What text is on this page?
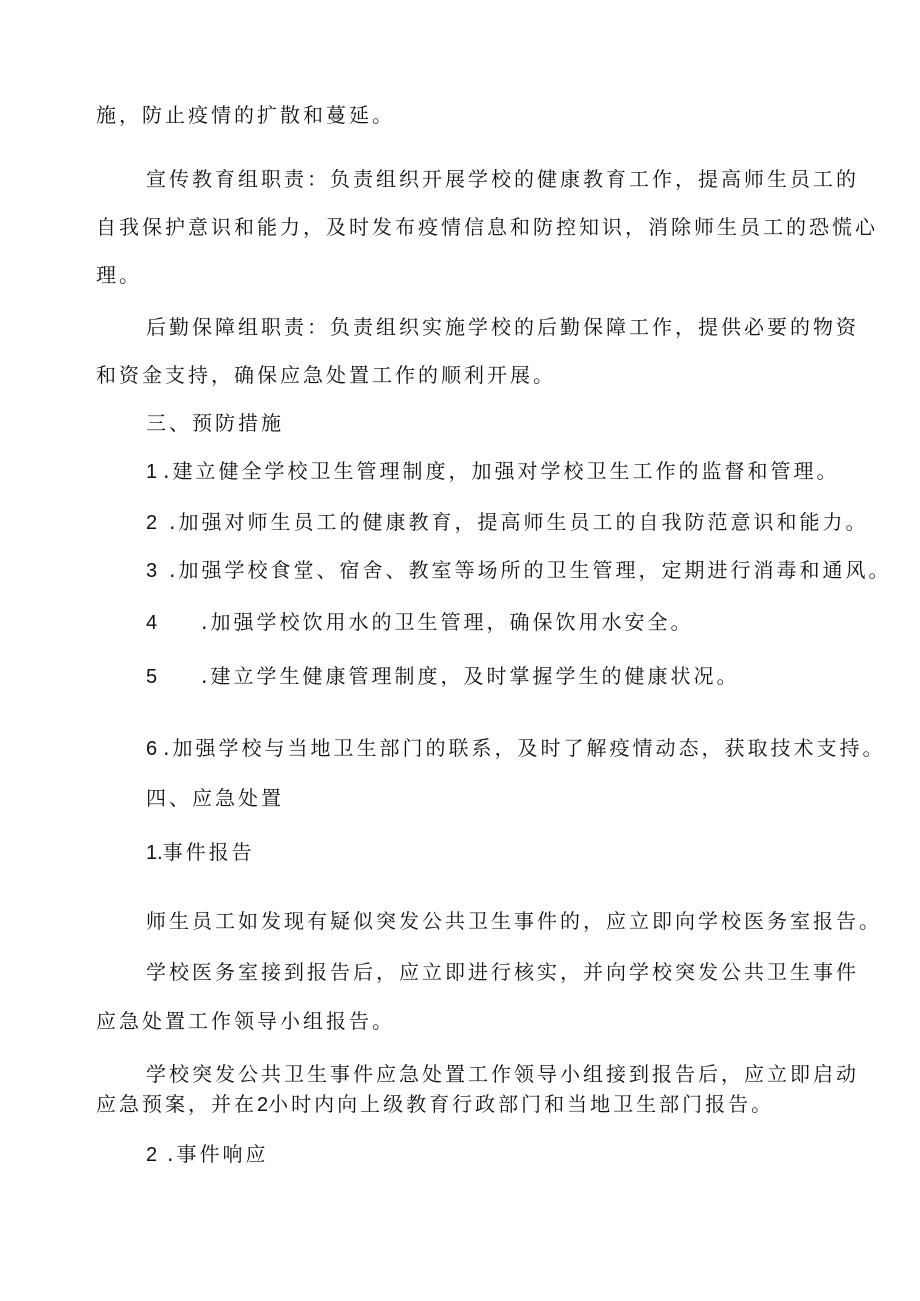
施，防止疫情的扩散和蔓延。
宣传教育组职责：负责组织开展学校的健康教育工作，提高师生员工的
自我保护意识和能力，及时发布疫情信息和防控知识，消除师生员工的恐慌心
理。
后勤保障组职责：负责组织实施学校的后勤保障工作，提供必要的物资
和资金支持，确保应急处置工作的顺利开展。
三、预防措施
1 .建立健全学校卫生管理制度，加强对学校卫生工作的监督和管理。
2 .加强对师生员工的健康教育，提高师生员工的自我防范意识和能力。
3 .加强学校食堂、宿舍、教室等场所的卫生管理，定期进行消毒和通风。
4 .加强学校饮用水的卫生管理，确保饮用水安全。
5 .建立学生健康管理制度，及时掌握学生的健康状况。
6 .加强学校与当地卫生部门的联系，及时了解疫情动态，获取技术支持。
四、应急处置
1.事件报告
师生员工如发现有疑似突发公共卫生事件的，应立即向学校医务室报告。
学校医务室接到报告后，应立即进行核实，并向学校突发公共卫生事件
应急处置工作领导小组报告。
学校突发公共卫生事件应急处置工作领导小组接到报告后，应立即启动
应急预案，并在2小时内向上级教育行政部门和当地卫生部门报告。
2 .事件响应
